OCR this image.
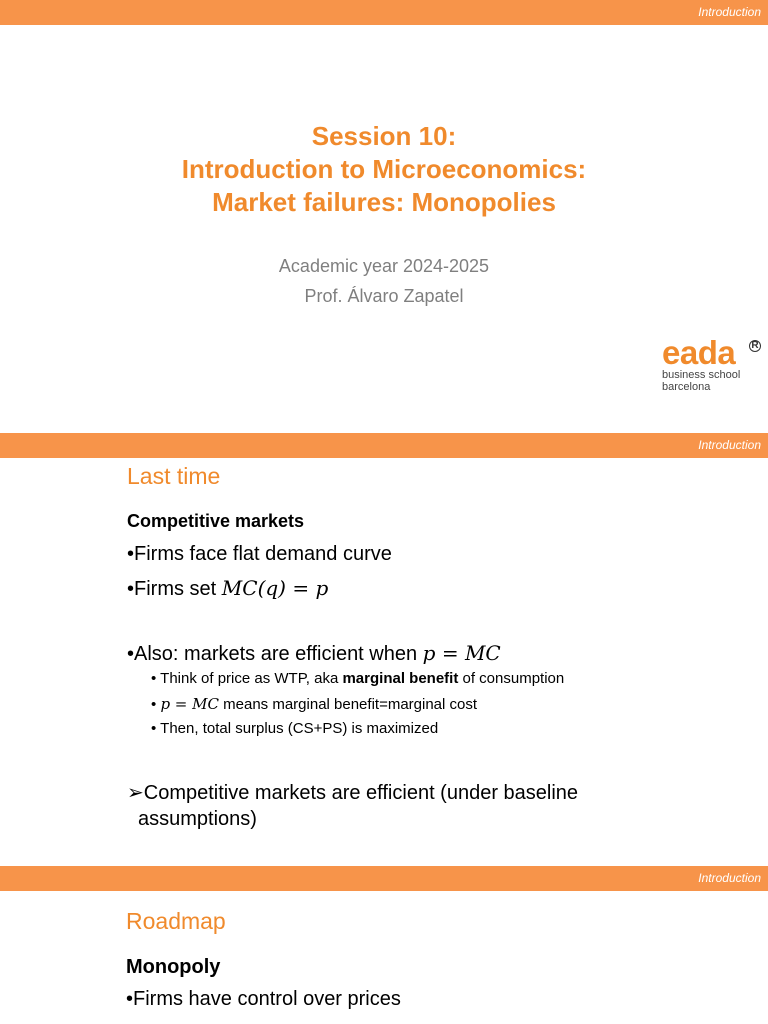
Introduction
Session 10:
Introduction to Microeconomics:
Market failures: Monopolies
Academic year 2024-2025
Prof. Álvaro Zapatel
eada	R
business school
barcelona
Introduction
Last time
Competitive markets
•Firms face flat demand curve
•Firms set MC(q) = p
•Also: markets are efficient when p = MC
• Think of price as WTP, aka marginal benefit of consumption
• p = MC means marginal benefit=marginal cost
• Then, total surplus (CS+PS) is maximized
➢Competitive markets are efficient (under baseline
assumptions)
Introduction
Roadmap
Monopoly
•Firms have control over prices
